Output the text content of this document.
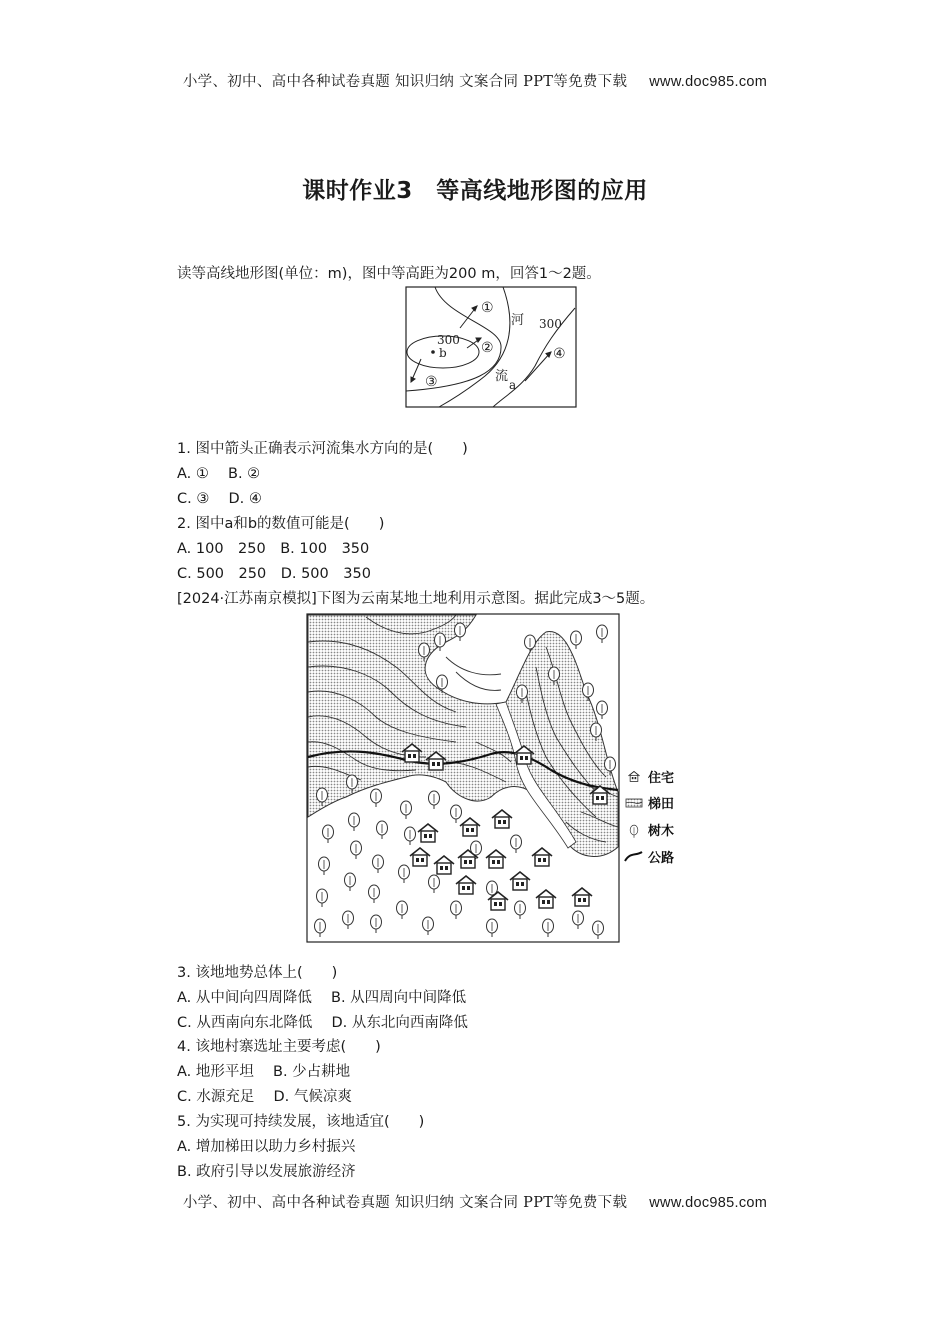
小学、初中、高中各种试卷真题 知识归纳 文案合同 PPT等免费下载 www.doc985.com
课时作业3　等高线地形图的应用
读等高线地形图(单位：m)，图中等高距为200 m，回答1～2题。
①
②
③
④
300
300
b
a
河
流
1. 图中箭头正确表示河流集水方向的是(　　)
A. ①　 B. ②
C. ③　 D. ④
2. 图中a和b的数值可能是(　　)
A. 100　250　B. 100　350
C. 500　250　D. 500　350
[2024·江苏南京模拟]下图为云南某地土地利用示意图。据此完成3～5题。
住宅
梯田
树木
公路
3. 该地地势总体上(　　)
A. 从中间向四周降低　 B. 从四周向中间降低
C. 从西南向东北降低　 D. 从东北向西南降低
4. 该地村寨选址主要考虑(　　)
A. 地形平坦　 B. 少占耕地
C. 水源充足　 D. 气候凉爽
5. 为实现可持续发展，该地适宜(　　)
A. 增加梯田以助力乡村振兴
B. 政府引导以发展旅游经济
小学、初中、高中各种试卷真题 知识归纳 文案合同 PPT等免费下载 www.doc985.com
